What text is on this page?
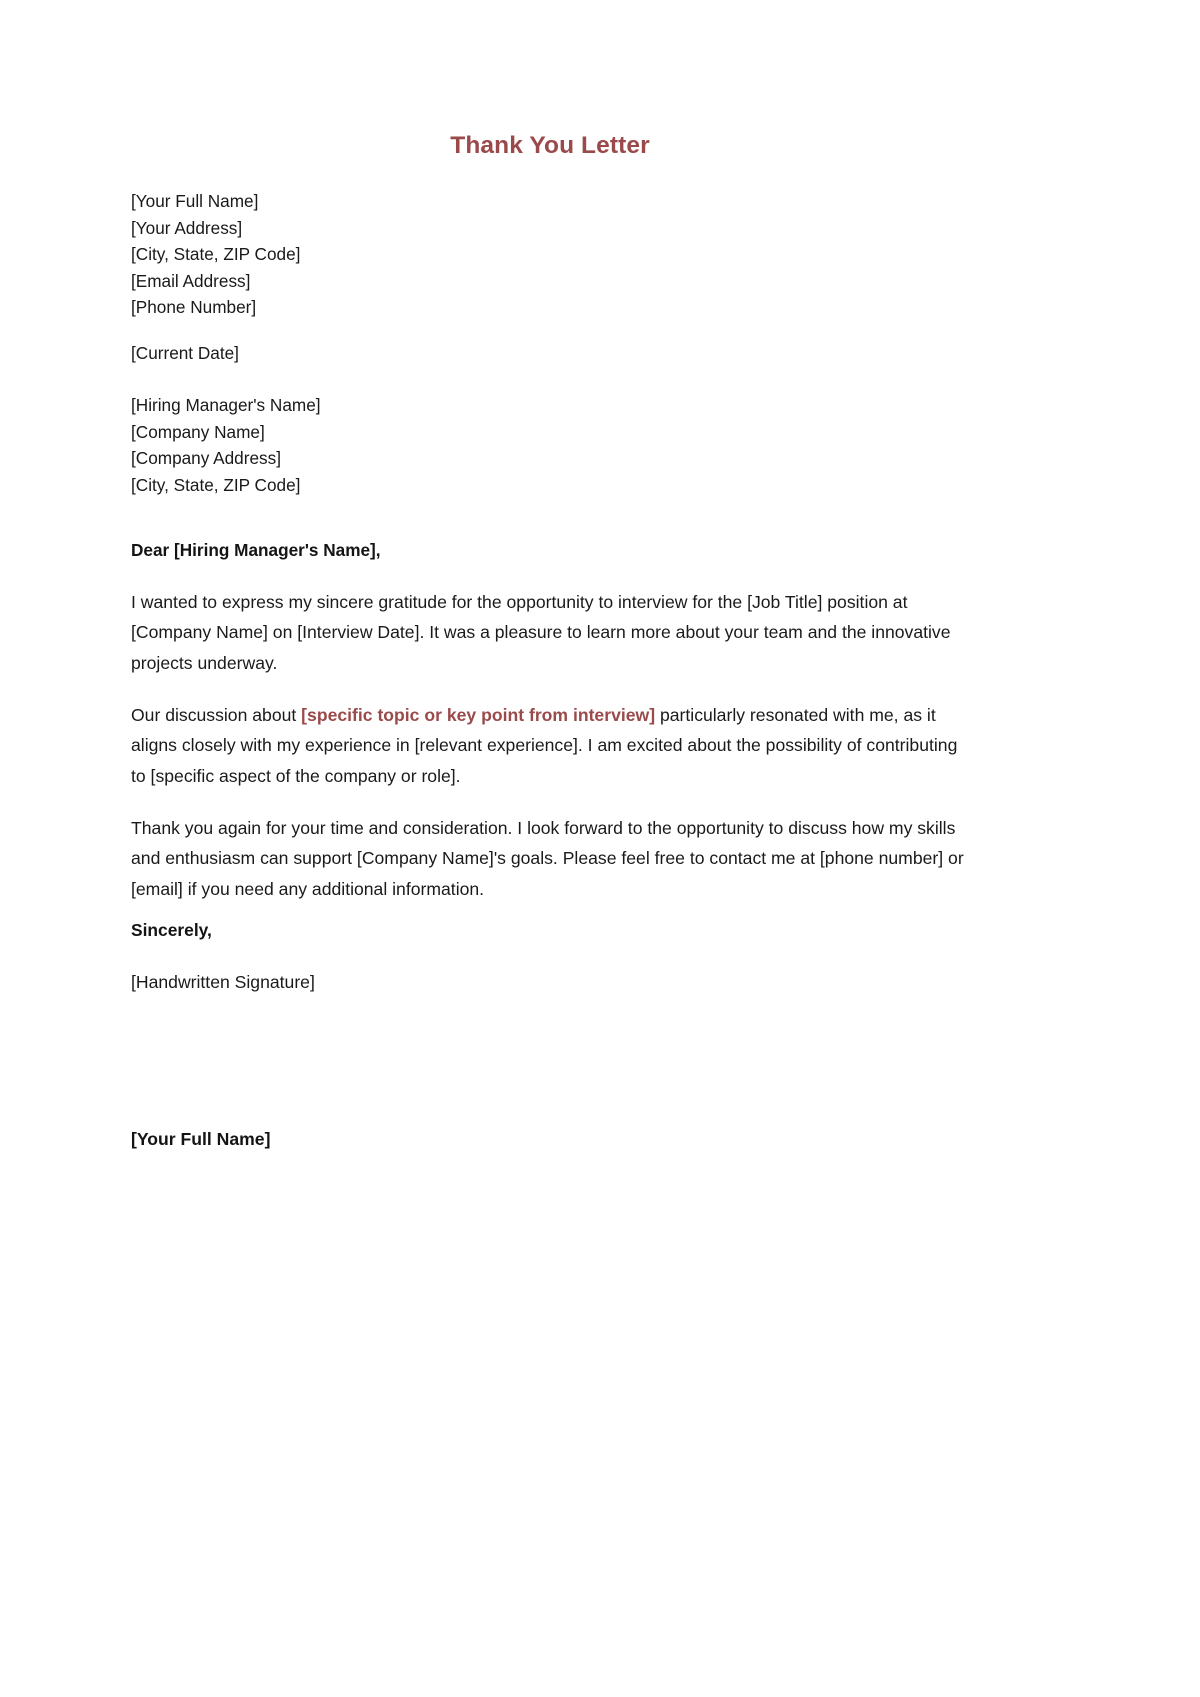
Thank You Letter
[Your Full Name]
[Your Address]
[City, State, ZIP Code]
[Email Address]
[Phone Number]
[Current Date]
[Hiring Manager's Name]
[Company Name]
[Company Address]
[City, State, ZIP Code]
Dear [Hiring Manager's Name],
I wanted to express my sincere gratitude for the opportunity to interview for the [Job Title] position at [Company Name] on [Interview Date]. It was a pleasure to learn more about your team and the innovative projects underway.
Our discussion about [specific topic or key point from interview] particularly resonated with me, as it aligns closely with my experience in [relevant experience]. I am excited about the possibility of contributing to [specific aspect of the company or role].
Thank you again for your time and consideration. I look forward to the opportunity to discuss how my skills and enthusiasm can support [Company Name]'s goals. Please feel free to contact me at [phone number] or [email] if you need any additional information.
Sincerely,
[Handwritten Signature]
[Your Full Name]
